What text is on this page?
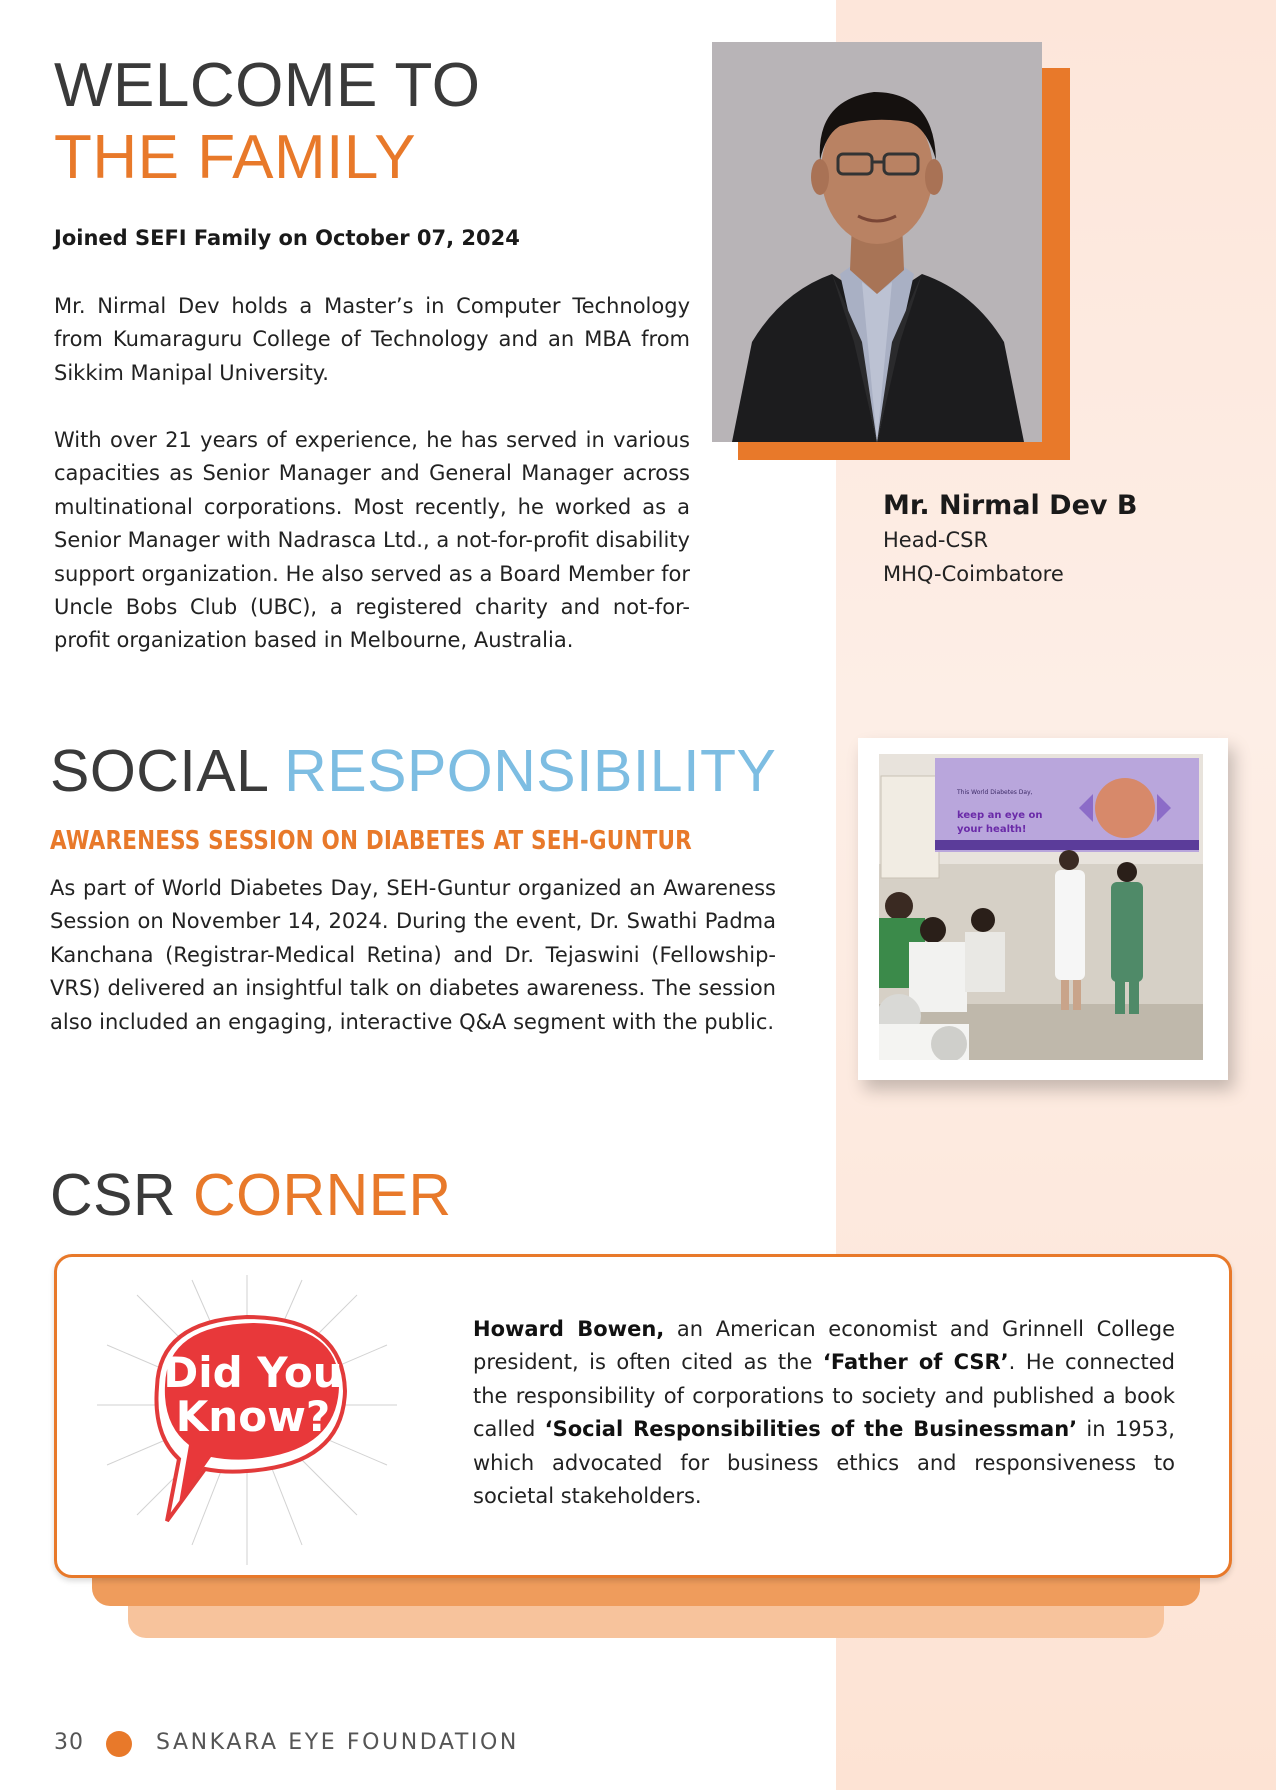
WELCOME TO
THE FAMILY
Joined SEFI Family on October 07, 2024
Mr. Nirmal Dev holds a Master’s in Computer Technology from Kumaraguru College of Technology and an MBA from Sikkim Manipal University.
With over 21 years of experience, he has served in various capacities as Senior Manager and General Manager across multinational corporations. Most recently, he worked as a Senior Manager with Nadrasca Ltd., a not-for-profit disability support organization. He also served as a Board Member for Uncle Bobs Club (UBC), a registered charity and not-for-profit organization based in Melbourne, Australia.
Mr. Nirmal Dev B
Head-CSR
MHQ-Coimbatore
SOCIAL RESPONSIBILITY
AWARENESS SESSION ON DIABETES AT SEH-GUNTUR
As part of World Diabetes Day, SEH-Guntur organized an Awareness Session on November 14, 2024. During the event, Dr. Swathi Padma Kanchana (Registrar-Medical Retina) and Dr. Tejaswini (Fellowship-VRS) delivered an insightful talk on diabetes awareness. The session also included an engaging, interactive Q&A segment with the public.
This World Diabetes Day,
keep an eye on
your health!
CSR CORNER
Did You
Know?
Howard Bowen, an American economist and Grinnell College president, is often cited as the ‘Father of CSR’. He connected the responsibility of corporations to society and published a book called ‘Social Responsibilities of the Businessman’ in 1953, which advocated for business ethics and responsiveness to societal stakeholders.
30	SANKARA EYE FOUNDATION
